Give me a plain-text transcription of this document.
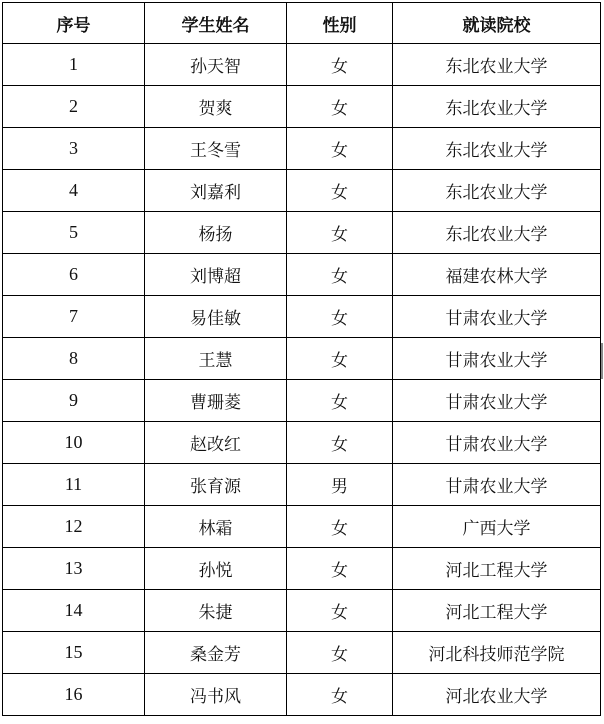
序号	学生姓名	性别	就读院校
1	孙天智	女	东北农业大学
2	贺爽	女	东北农业大学
3	王冬雪	女	东北农业大学
4	刘嘉利	女	东北农业大学
5	杨扬	女	东北农业大学
6	刘博超	女	福建农林大学
7	易佳敏	女	甘肃农业大学
8	王慧	女	甘肃农业大学
9	曹珊菱	女	甘肃农业大学
10	赵改红	女	甘肃农业大学
11	张育源	男	甘肃农业大学
12	林霜	女	广西大学
13	孙悦	女	河北工程大学
14	朱捷	女	河北工程大学
15	桑金芳	女	河北科技师范学院
16	冯书风	女	河北农业大学
